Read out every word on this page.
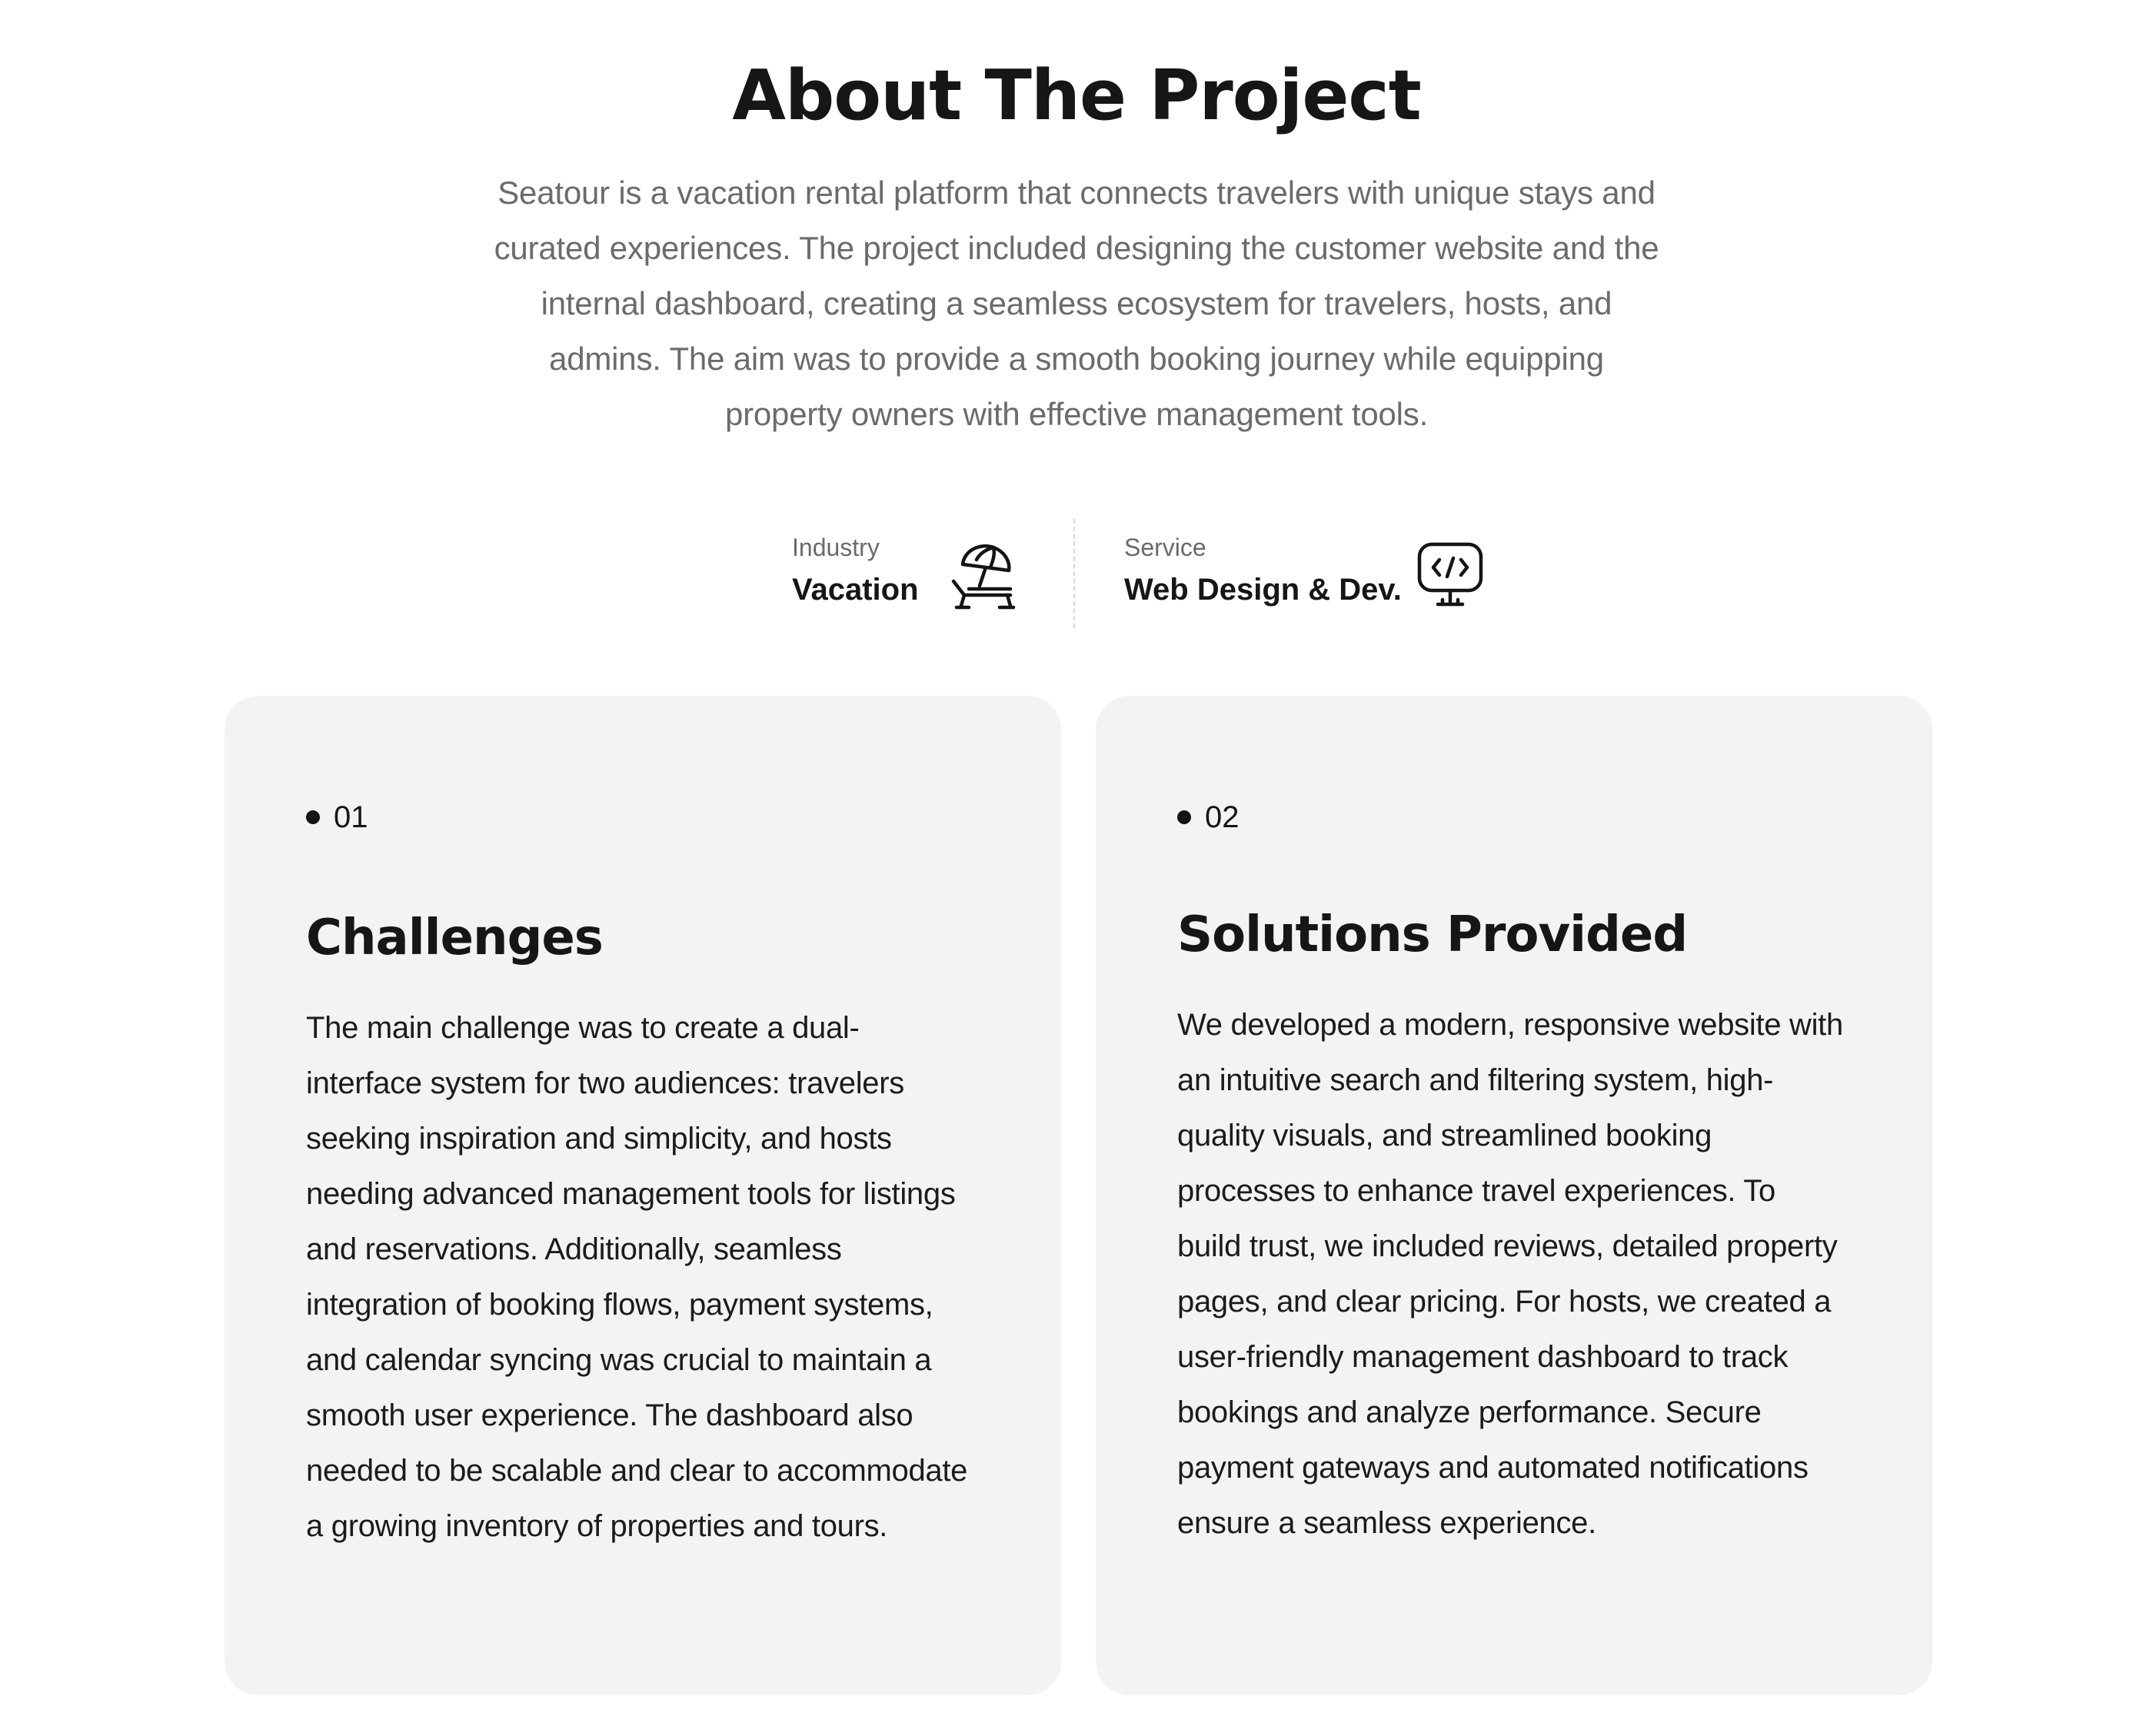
About The Project

Seatour is a vacation rental platform that connects travelers with unique stays and curated experiences. The project included designing the customer website and the internal dashboard, creating a seamless ecosystem for travelers, hosts, and admins. The aim was to provide a smooth booking journey while equipping property owners with effective management tools.

Industry
Vacation
Service
Web Design & Dev.
01
Challenges

The main challenge was to create a dual-interface system for two audiences: travelers seeking inspiration and simplicity, and hosts needing advanced management tools for listings and reservations. Additionally, seamless integration of booking flows, payment systems, and calendar syncing was crucial to maintain a smooth user experience. The dashboard also needed to be scalable and clear to accommodate a growing inventory of properties and tours.

02
Solutions Provided

We developed a modern, responsive website with an intuitive search and filtering system, high-quality visuals, and streamlined booking processes to enhance travel experiences. To build trust, we included reviews, detailed property pages, and clear pricing. For hosts, we created a user-friendly management dashboard to track bookings and analyze performance. Secure payment gateways and automated notifications ensure a seamless experience.
